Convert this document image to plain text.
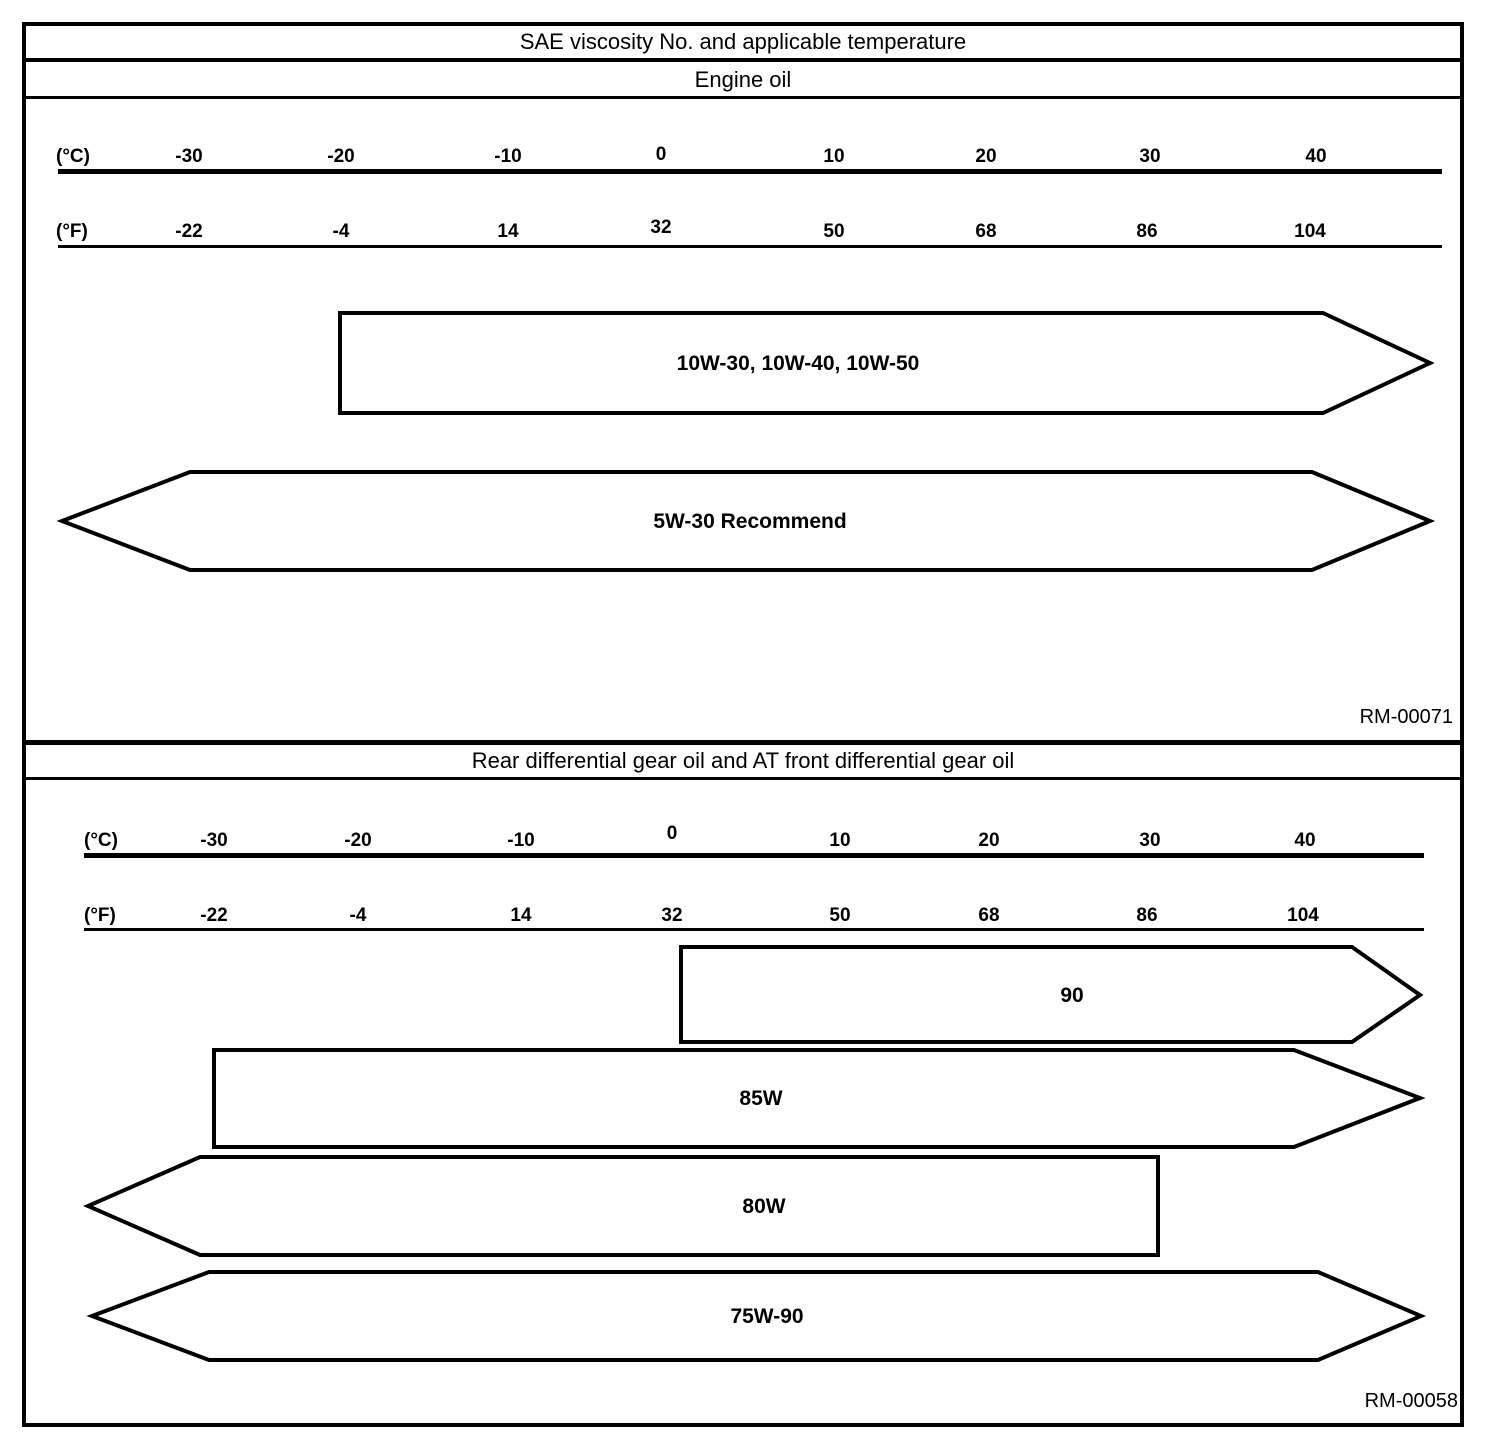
SAE viscosity No. and applicable temperature
Engine oil
(°C)	-30	-20	-10	0	10	20	30	40
(°F)	-22	-4	14	32	50	68	86	104
10W-30, 10W-40, 10W-50
5W-30 Recommend
90
85W
80W
75W-90
RM-00071
Rear differential gear oil and AT front differential gear oil
(°C)	-30	-20	-10	0	10	20	30	40
(°F)	-22	-4	14	32	50	68	86	104
RM-00058
